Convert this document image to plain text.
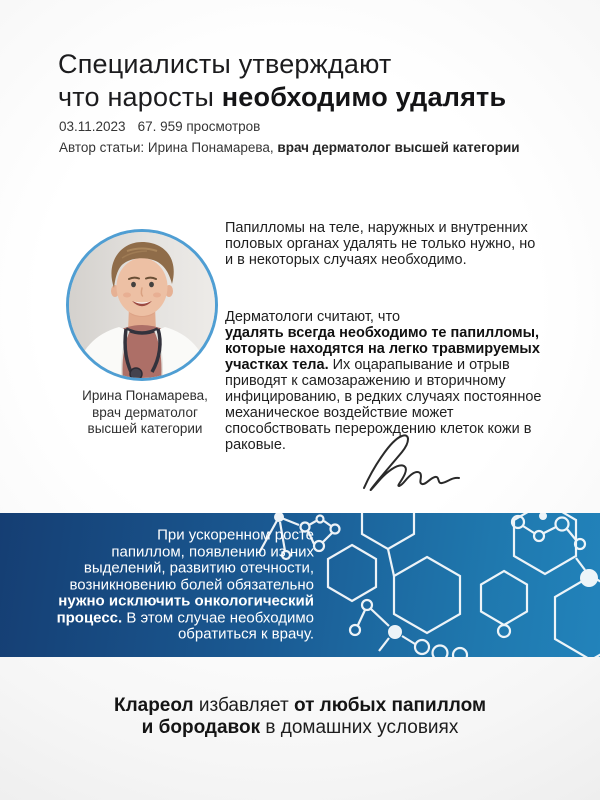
Специалисты утверждают
что наросты необходимо удалять
03.11.2023 67. 959 просмотров
Автор статьи: Ирина Понамарева, врач дерматолог высшей категории
Ирина Понамарева,
врач дерматолог
высшей категории

Папилломы на теле, наружных и внутренних половых органах удалять не только нужно, но и в некоторых случаях необходимо.

Дерматологи считают, что
удалять всегда необходимо те папилломы, которые находятся на легко травмируемых участках тела. Их оцарапывание и отрыв приводят к самозаражению и вторичному инфицированию, в редких случаях постоянное механическое воздействие может способствовать перерождению клеток кожи в раковые.

При ускоренном росте
папиллом, появлению из них
выделений, развитию отечности,
возникновению болей обязательно
нужно исключить онкологический
процесс. В этом случае необходимо
обратиться к врачу.
Клареол избавляет от любых папиллом
и бородавок в домашних условиях
